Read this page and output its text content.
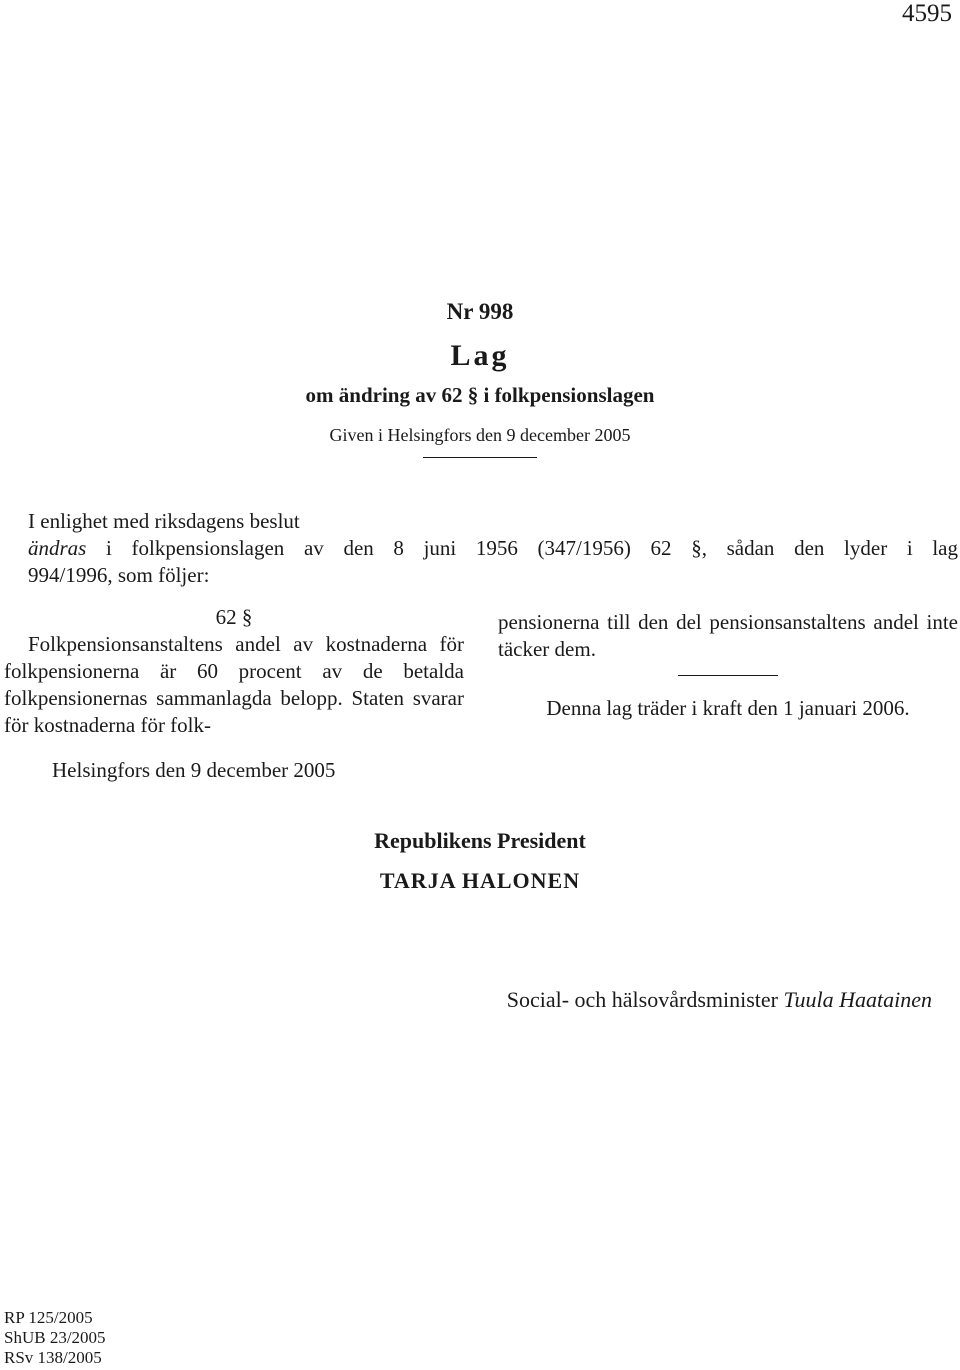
4595
Nr 998
Lag
om ändring av 62 § i folkpensionslagen
Given i Helsingfors den 9 december 2005
I enlighet med riksdagens beslut
ändras i folkpensionslagen av den 8 juni 1956 (347/1956) 62 §, sådan den lyder i lag
994/1996, som följer:
62 §
Folkpensionsanstaltens andel av kostnaderna för folkpensionerna är 60 procent av de betalda folkpensionernas sammanlagda belopp. Staten svarar för kostnaderna för folk-
pensionerna till den del pensionsanstaltens andel inte täcker dem.
Denna lag träder i kraft den 1 januari 2006.
Helsingfors den 9 december 2005
Republikens President
TARJA HALONEN
Social- och hälsovårdsminister Tuula Haatainen
RP 125/2005
ShUB 23/2005
RSv 138/2005
